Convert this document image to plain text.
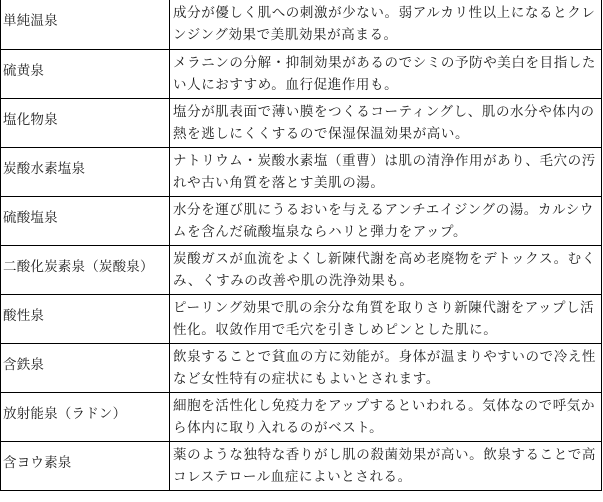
単純温泉	成分が優しく肌への刺激が少ない。弱アルカリ性以上になるとクレンジング効果で美肌効果が高まる。

硫黄泉	メラニンの分解・抑制効果があるのでシミの予防や美白を目指したい人におすすめ。血行促進作用も。

塩化物泉	塩分が肌表面で薄い膜をつくるコーティングし、肌の水分や体内の熱を逃しにくくするので保湿保温効果が高い。

炭酸水素塩泉	ナトリウム・炭酸水素塩（重曹）は肌の清浄作用があり、毛穴の汚れや古い角質を落とす美肌の湯。

硫酸塩泉	水分を運び肌にうるおいを与えるアンチエイジングの湯。カルシウムを含んだ硫酸塩泉ならハリと弾力をアップ。

二酸化炭素泉（炭酸泉）	炭酸ガスが血流をよくし新陳代謝を高め老廃物をデトックス。むくみ、くすみの改善や肌の洗浄効果も。

酸性泉	ピーリング効果で肌の余分な角質を取りさり新陳代謝をアップし活性化。収敛作用で毛穴を引きしめピンとした肌に。

含鉄泉	飲泉することで貧血の方に効能が。身体が温まりやすいので冷え性など女性特有の症状にもよいとされます。

放射能泉（ラドン）	細胞を活性化し免疫力をアップするといわれる。気体なので呼気から体内に取り入れるのがベスト。

含ヨウ素泉	薬のような独特な香りがし肌の殺菌効果が高い。飲泉することで高コレステロール血症によいとされる。
